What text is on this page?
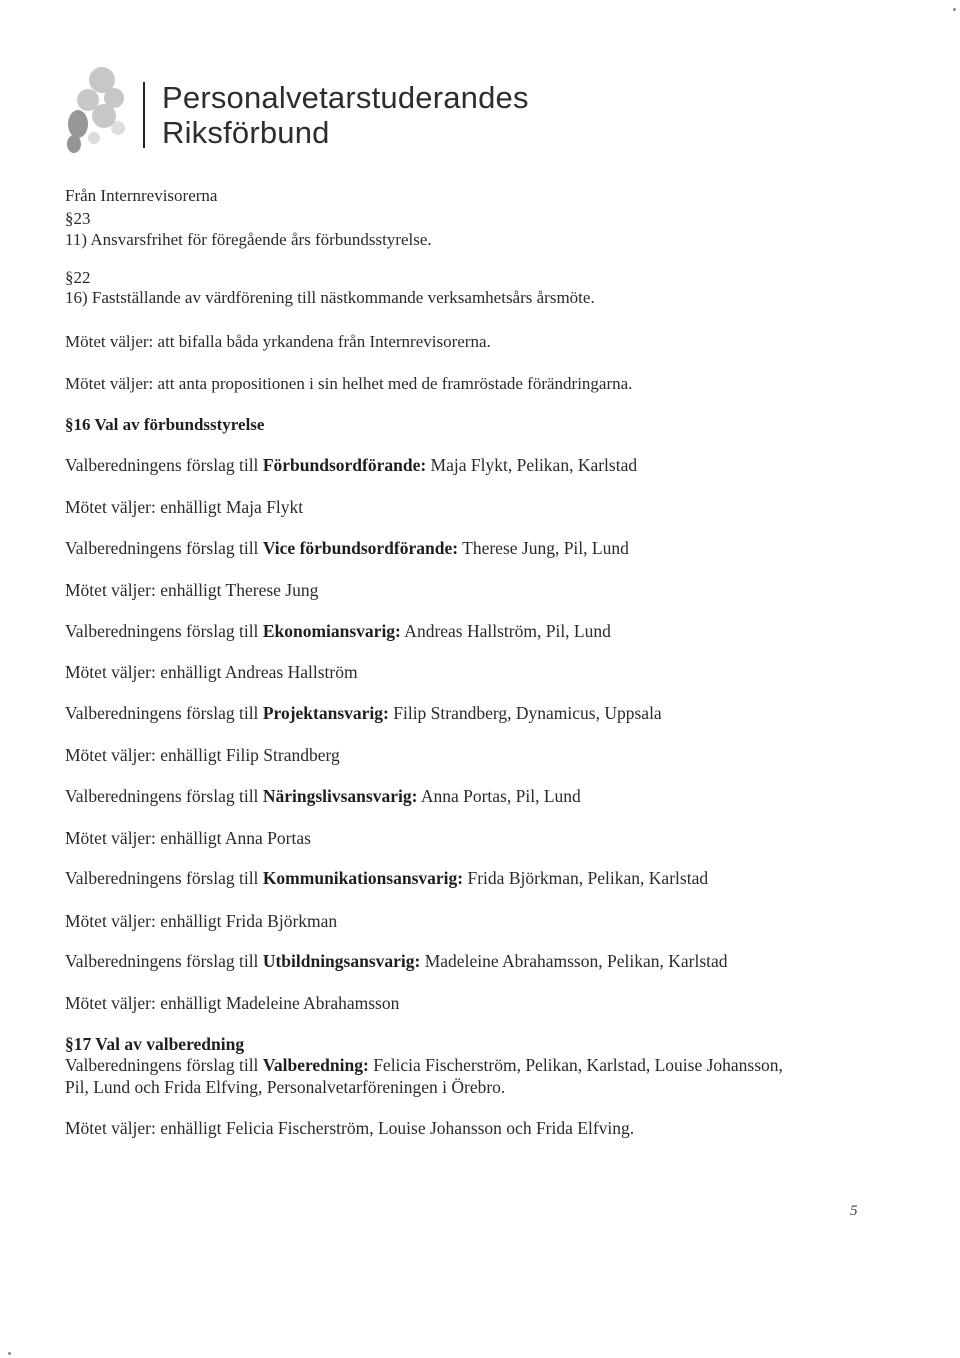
Personalvetarstuderandes
Riksförbund
Från Internrevisorerna
§23
11) Ansvarsfrihet för föregående års förbundsstyrelse.
§22
16) Fastställande av värdförening till nästkommande verksamhetsårs årsmöte.
Mötet väljer: att bifalla båda yrkandena från Internrevisorerna.
Mötet väljer: att anta propositionen i sin helhet med de framröstade förändringarna.
§16 Val av förbundsstyrelse
Valberedningens förslag till Förbundsordförande: Maja Flykt, Pelikan, Karlstad
Mötet väljer: enhälligt Maja Flykt
Valberedningens förslag till Vice förbundsordförande: Therese Jung, Pil, Lund
Mötet väljer: enhälligt Therese Jung
Valberedningens förslag till Ekonomiansvarig: Andreas Hallström, Pil, Lund
Mötet väljer: enhälligt Andreas Hallström
Valberedningens förslag till Projektansvarig: Filip Strandberg, Dynamicus, Uppsala
Mötet väljer: enhälligt Filip Strandberg
Valberedningens förslag till Näringslivsansvarig: Anna Portas, Pil, Lund
Mötet väljer: enhälligt Anna Portas
Valberedningens förslag till Kommunikationsansvarig: Frida Björkman, Pelikan, Karlstad
Mötet väljer: enhälligt Frida Björkman
Valberedningens förslag till Utbildningsansvarig: Madeleine Abrahamsson, Pelikan, Karlstad
Mötet väljer: enhälligt Madeleine Abrahamsson
§17 Val av valberedning
Valberedningens förslag till Valberedning: Felicia Fischerström, Pelikan, Karlstad, Louise Johansson,
Pil, Lund och Frida Elfving, Personalvetarföreningen i Örebro.
Mötet väljer: enhälligt Felicia Fischerström, Louise Johansson och Frida Elfving.
5
